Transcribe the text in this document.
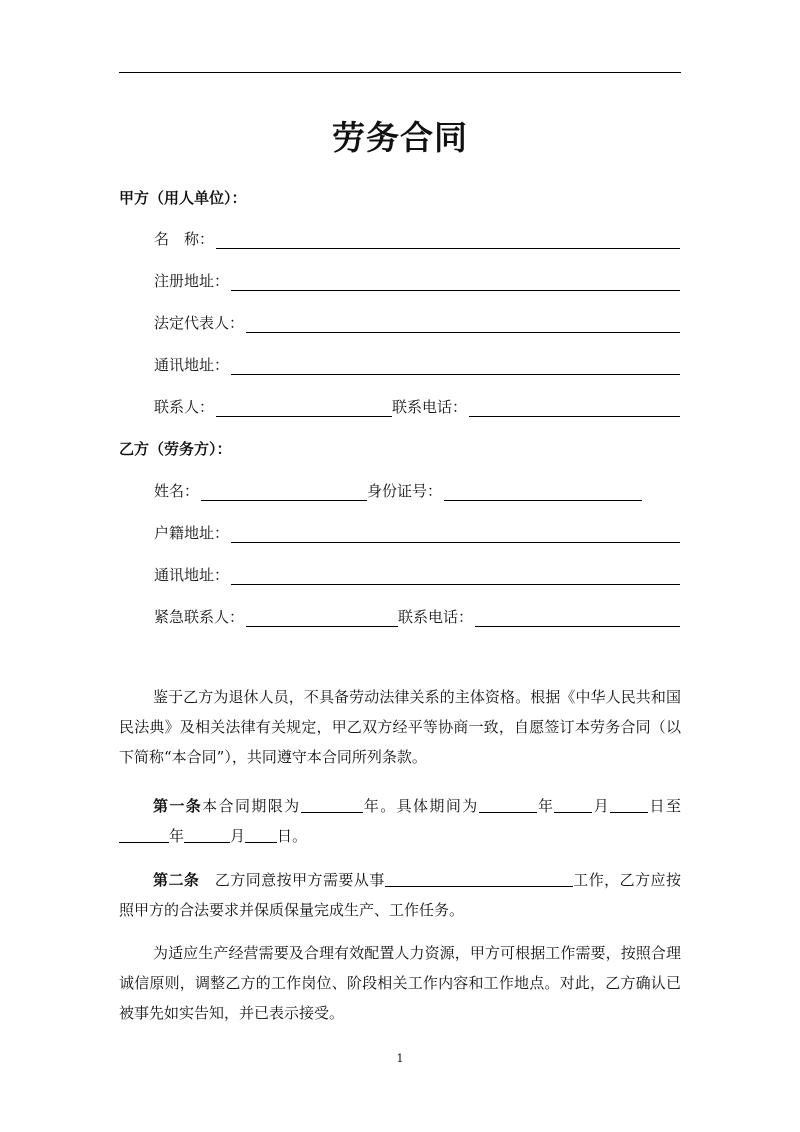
劳务合同
甲方（用人单位）：
名　称：
注册地址：
法定代表人：
通讯地址：
联系人：	联系电话：
乙方（劳务方）：
姓名：	身份证号：
户籍地址：
通讯地址：
紧急联系人：	联系电话：

鉴于乙方为退休人员，不具备劳动法律关系的主体资格。根据《中华人民共和国民法典》及相关法律有关规定，甲乙双方经平等协商一致，自愿签订本劳务合同（以下简称“本合同”），共同遵守本合同所列条款。

第一条本合同期限为	年。具体期间为	年	月	日至年	月 日。

第二条　 乙方同意按甲方需要从事	工作，乙方应按照甲方的合法要求并保质保量完成生产、工作任务。

为适应生产经营需要及合理有效配置人力资源，甲方可根据工作需要，按照合理诚信原则，调整乙方的工作岗位、阶段相关工作内容和工作地点。对此，乙方确认已被事先如实告知，并已表示接受。

1
